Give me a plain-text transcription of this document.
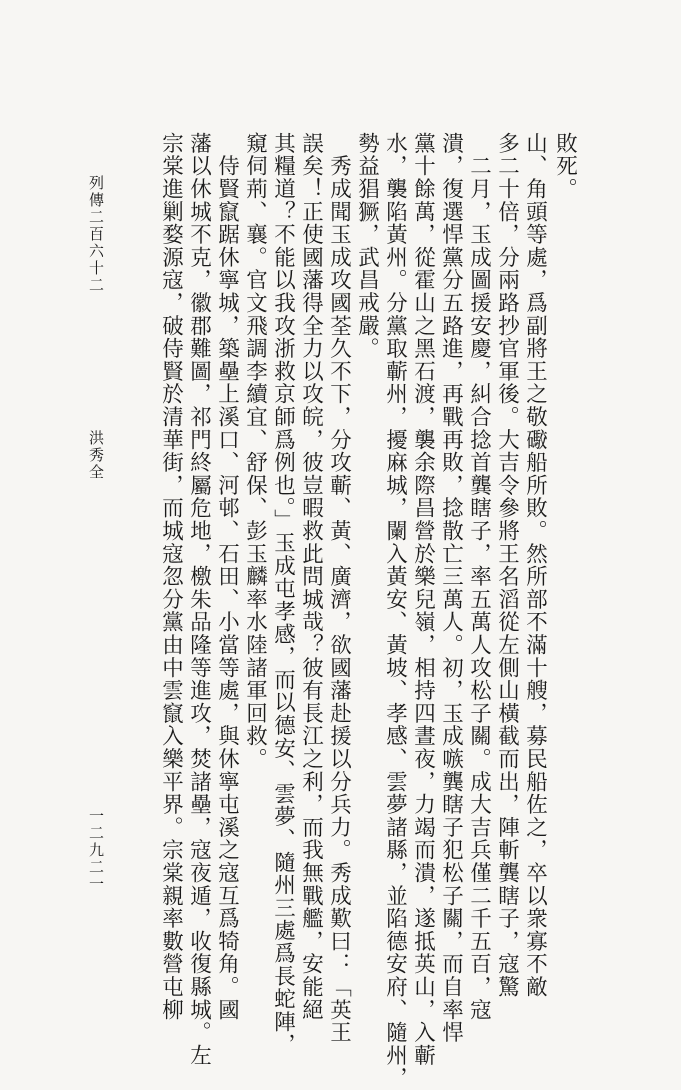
敗死。
山、角頭等處，爲副將王之敬礮船所敗。然所部不滿十艘，募民船佐之，卒以衆寡不敵
多二十倍，分兩路抄官軍後。大吉令參將王名滔從左側山橫截而出，陣斬龔瞎子，寇驚
　二月，玉成圖援安慶，糾合捻首龔瞎子，率五萬人攻松子關。成大吉兵僅二千五百，寇
潰，復選悍黨分五路進，再戰再敗，捻散亡三萬人。初，玉成嗾龔瞎子犯松子關，而自率悍
黨十餘萬，從霍山之黑石渡，襲余際昌營於樂兒嶺，相持四晝夜，力竭而潰，遂抵英山，入蘄
水，襲陷黃州。分黨取蘄州，擾麻城，闌入黃安、黃坡、孝感、雲夢諸縣，並陷德安府、隨州，
勢益猖獗，武昌戒嚴。
　秀成聞玉成攻國荃久不下，分攻蘄、黃、廣濟，欲國藩赴援以分兵力。秀成歎曰：「英王
誤矣！正使國藩得全力以攻皖，彼豈暇救此問城哉？彼有長江之利，而我無戰艦，安能絕
其糧道？不能以我攻浙救京師爲例也。」玉成屯孝感，而以德安、雲夢、隨州三處爲長蛇陣，
窺伺荊、襄。官文飛調李續宜、舒保、彭玉麟率水陸諸軍回救。
　侍賢竄踞休寧城，築壘上溪口、河邨、石田、小當等處，與休寧屯溪之寇互爲犄角。國
藩以休城不克，徽郡難圖，祁門終屬危地，檄朱品隆等進攻，焚諸壘，寇夜遁，收復縣城。左
宗棠進剿婺源寇，破侍賢於清華街，而城寇忽分黨由中雲竄入樂平界。宗棠親率數營屯柳
列傳二百六十二
洪秀全
一二九二一
